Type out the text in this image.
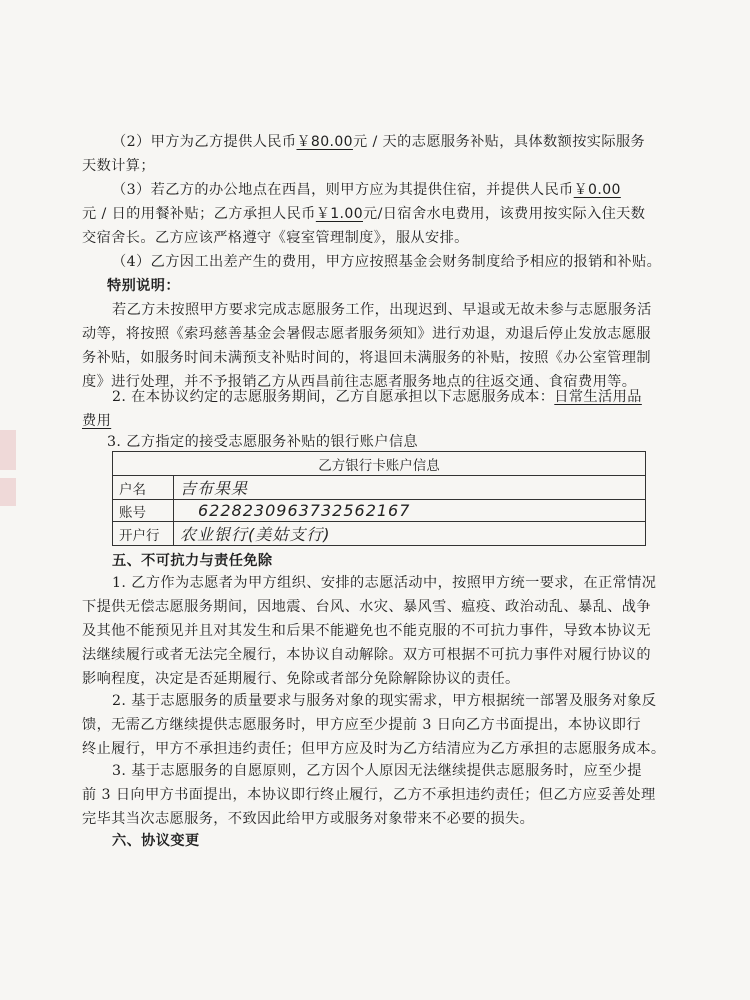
（2）甲方为乙方提供人民币￥80.00元 / 天的志愿服务补贴，具体数额按实际服务
天数计算；
（3）若乙方的办公地点在西昌，则甲方应为其提供住宿，并提供人民币￥0.00
元 / 日的用餐补贴；乙方承担人民币￥1.00元/日宿舍水电费用，该费用按实际入住天数
交宿舍长。乙方应该严格遵守《寝室管理制度》，服从安排。
（4）乙方因工出差产生的费用，甲方应按照基金会财务制度给予相应的报销和补贴。
特别说明：
若乙方未按照甲方要求完成志愿服务工作，出现迟到、早退或无故未参与志愿服务活
动等，将按照《索玛慈善基金会暑假志愿者服务须知》进行劝退，劝退后停止发放志愿服
务补贴，如服务时间未满预支补贴时间的，将退回未满服务的补贴，按照《办公室管理制
度》进行处理，并不予报销乙方从西昌前往志愿者服务地点的往返交通、食宿费用等。
2. 在本协议约定的志愿服务期间，乙方自愿承担以下志愿服务成本：日常生活用品
费用
3. 乙方指定的接受志愿服务补贴的银行账户信息
乙方银行卡账户信息	
户名	吉布果果
账号	6228230963732562167
开户行	农业银行(美姑支行)
五、不可抗力与责任免除
1. 乙方作为志愿者为甲方组织、安排的志愿活动中，按照甲方统一要求，在正常情况
下提供无偿志愿服务期间，因地震、台风、水灾、暴风雪、瘟疫、政治动乱、暴乱、战争
及其他不能预见并且对其发生和后果不能避免也不能克服的不可抗力事件，导致本协议无
法继续履行或者无法完全履行，本协议自动解除。双方可根据不可抗力事件对履行协议的
影响程度，决定是否延期履行、免除或者部分免除解除协议的责任。
2. 基于志愿服务的质量要求与服务对象的现实需求，甲方根据统一部署及服务对象反
馈，无需乙方继续提供志愿服务时，甲方应至少提前 3 日向乙方书面提出，本协议即行
终止履行，甲方不承担违约责任；但甲方应及时为乙方结清应为乙方承担的志愿服务成本。
3. 基于志愿服务的自愿原则，乙方因个人原因无法继续提供志愿服务时，应至少提
前 3 日向甲方书面提出，本协议即行终止履行，乙方不承担违约责任；但乙方应妥善处理
完毕其当次志愿服务，不致因此给甲方或服务对象带来不必要的损失。
六、协议变更
